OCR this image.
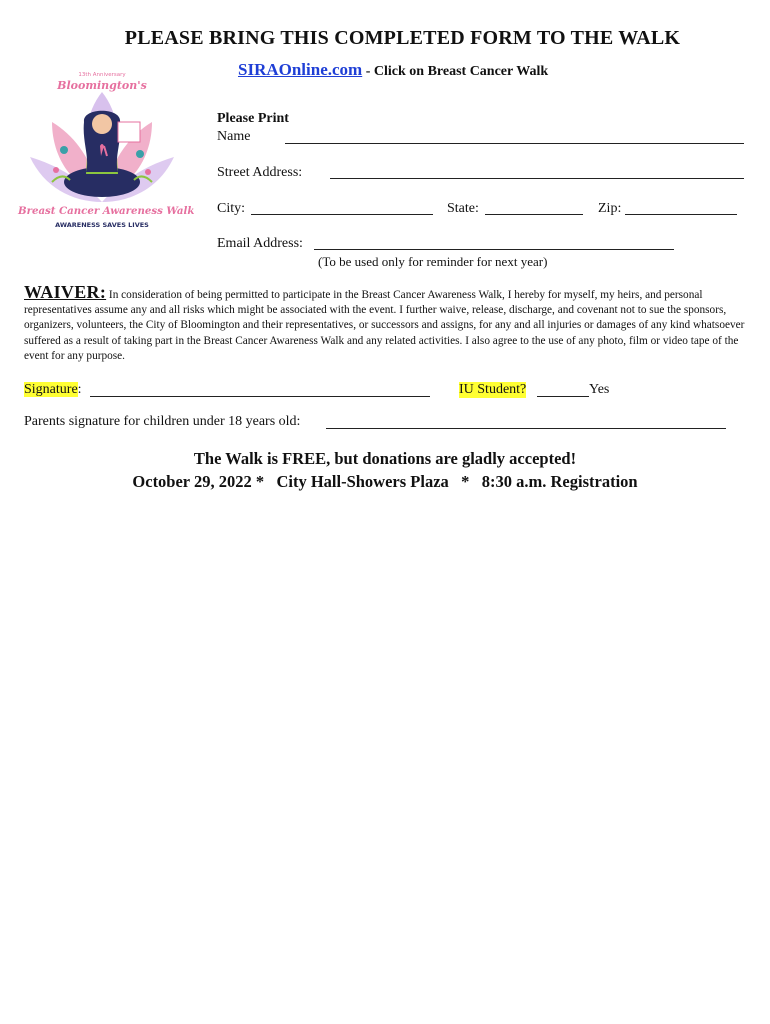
PLEASE BRING THIS COMPLETED FORM TO THE WALK
SIRAOnline.com - Click on Breast Cancer Walk
13th Anniversary
Bloomington's
Breast Cancer Awareness Walk
AWARENESS SAVES LIVES
Please Print
Name
Street Address:
City:	State:	Zip:
Email Address:
(To be used only for reminder for next year)
WAIVER: In consideration of being permitted to participate in the Breast Cancer Awareness Walk, I hereby for myself, my heirs, and personal representatives assume any and all risks which might be associated with the event. I further waive, release, discharge, and covenant not to sue the sponsors, organizers, volunteers, the City of Bloomington and their representatives, or successors and assigns, for any and all injuries or damages of any kind whatsoever suffered as a result of taking part in the Breast Cancer Awareness Walk and any related activities. I also agree to the use of any photo, film or video tape of the event for any purpose.
Signature:	IU Student?	Yes
Parents signature for children under 18 years old:
The Walk is FREE, but donations are gladly accepted!
October 29, 2022 *   City Hall-Showers Plaza   *   8:30 a.m. Registration
